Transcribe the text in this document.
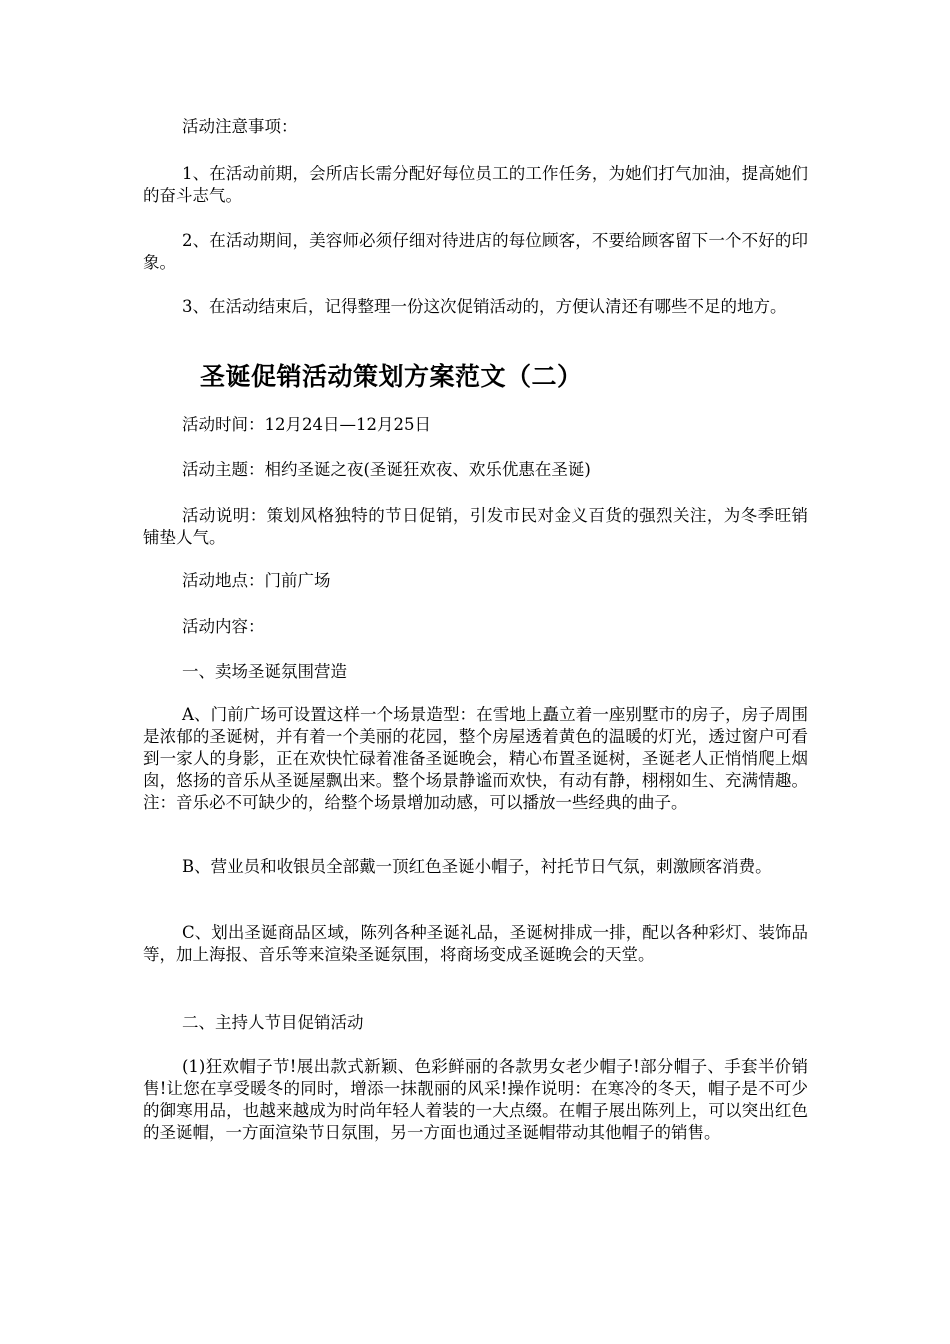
活动注意事项：

1、在活动前期，会所店长需分配好每位员工的工作任务，为她们打气加油，提高她们的奋斗志气。

2、在活动期间，美容师必须仔细对待进店的每位顾客，不要给顾客留下一个不好的印象。

3、在活动结束后，记得整理一份这次促销活动的，方便认清还有哪些不足的地方。

圣诞促销活动策划方案范文（二）

活动时间：12月24日—12月25日

活动主题：相约圣诞之夜(圣诞狂欢夜、欢乐优惠在圣诞)

活动说明：策划风格独特的节日促销，引发市民对金义百货的强烈关注，为冬季旺销铺垫人气。

活动地点：门前广场

活动内容：

一、卖场圣诞氛围营造

A、门前广场可设置这样一个场景造型：在雪地上矗立着一座别墅市的房子，房子周围是浓郁的圣诞树，并有着一个美丽的花园，整个房屋透着黄色的温暖的灯光，透过窗户可看到一家人的身影，正在欢快忙碌着准备圣诞晚会，精心布置圣诞树，圣诞老人正悄悄爬上烟囱，悠扬的音乐从圣诞屋飘出来。整个场景静谧而欢快，有动有静，栩栩如生、充满情趣。注：音乐必不可缺少的，给整个场景增加动感，可以播放一些经典的曲子。

B、营业员和收银员全部戴一顶红色圣诞小帽子，衬托节日气氛，刺激顾客消费。

C、划出圣诞商品区域，陈列各种圣诞礼品，圣诞树排成一排，配以各种彩灯、装饰品等，加上海报、音乐等来渲染圣诞氛围，将商场变成圣诞晚会的天堂。

二、主持人节目促销活动

(1)狂欢帽子节!展出款式新颖、色彩鲜丽的各款男女老少帽子!部分帽子、手套半价销售!让您在享受暖冬的同时，增添一抹靓丽的风采!操作说明：在寒冷的冬天，帽子是不可少的御寒用品，也越来越成为时尚年轻人着装的一大点缀。在帽子展出陈列上，可以突出红色的圣诞帽，一方面渲染节日氛围，另一方面也通过圣诞帽带动其他帽子的销售。
